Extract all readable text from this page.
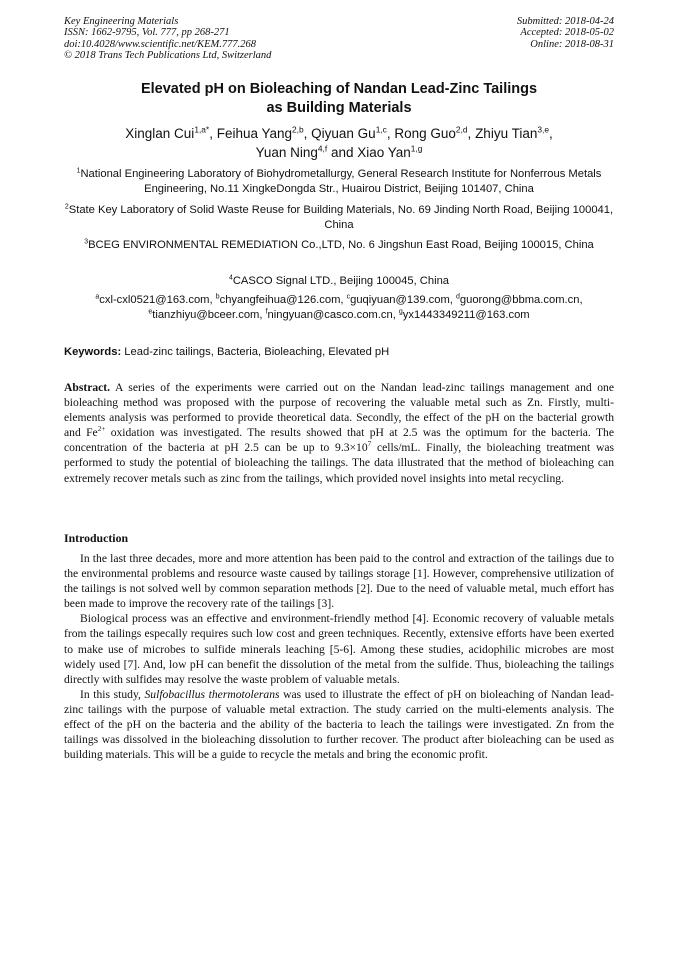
Key Engineering Materials
ISSN: 1662-9795, Vol. 777, pp 268-271
doi:10.4028/www.scientific.net/KEM.777.268
© 2018 Trans Tech Publications Ltd, Switzerland
Submitted: 2018-04-24
Accepted: 2018-05-02
Online: 2018-08-31
Elevated pH on Bioleaching of Nandan Lead-Zinc Tailings
as Building Materials
Xinglan Cui$^{1,a*}$, Feihua Yang$^{2,b}$, Qiyuan Gu$^{1,c}$, Rong Guo$^{2,d}$, Zhiyu Tian$^{3,e}$,
Yuan Ning$^{4,f}$ and Xiao Yan$^{1,g}$
$^1$National Engineering Laboratory of Biohydrometallurgy, General Research Institute for Nonferrous Metals Engineering, No.11 XingkeDongda Str., Huairou District, Beijing 101407, China
$^2$State Key Laboratory of Solid Waste Reuse for Building Materials, No. 69 Jinding North Road, Beijing 100041, China
$^3$BCEG ENVIRONMENTAL REMEDIATION Co.,LTD, No. 6 Jingshun East Road, Beijing 100015, China
$^4$CASCO Signal LTD., Beijing 100045, China
$^a$cxl-cxl0521@163.com, $^b$chyangfeihua@126.com, $^c$guqiyuan@139.com, $^d$guorong@bbma.com.cn,
$^e$tianzhiyu@bceer.com, $^f$ningyuan@casco.com.cn, $^g$yx1443349211@163.com
Keywords: Lead-zinc tailings, Bacteria, Bioleaching, Elevated pH

Abstract. A series of the experiments were carried out on the Nandan lead-zinc tailings management and one bioleaching method was proposed with the purpose of recovering the valuable metal such as Zn. Firstly, multi-elements analysis was performed to provide theoretical data. Secondly, the effect of the pH on the bacterial growth and $Fe^{2+}$ oxidation was investigated. The results showed that pH at 2.5 was the optimum for the bacteria. The concentration of the bacteria at pH 2.5 can be up to $9.3\times 10^7$ cells/mL. Finally, the bioleaching treatment was performed to study the potential of bioleaching the tailings. The data illustrated that the method of bioleaching can extremely recover metals such as zinc from the tailings, which provided novel insights into metal recycling.

Introduction

In the last three decades, more and more attention has been paid to the control and extraction of the tailings due to the environmental problems and resource waste caused by tailings storage [1]. However, comprehensive utilization of the tailings is not solved well by common separation methods [2]. Due to the need of valuable metal, much effort has been made to improve the recovery rate of the tailings [3].

Biological process was an effective and environment-friendly method [4]. Economic recovery of valuable metals from the tailings especally requires such low cost and green techniques. Recently, extensive efforts have been exerted to make use of microbes to sulfide minerals leaching [5-6]. Among these studies, acidophilic microbes are most widely used [7]. And, low pH can benefit the dissolution of the metal from the sulfide. Thus, bioleaching the tailings directly with sulfides may resolve the waste problem of valuable metals.

In this study, Sulfobacillus thermotolerans was used to illustrate the effect of pH on bioleaching of Nandan lead-zinc tailings with the purpose of valuable metal extraction. The study carried on the multi-elements analysis. The effect of the pH on the bacteria and the ability of the bacteria to leach the tailings were investigated. Zn from the tailings was dissolved in the bioleaching dissolution to further recover. The product after bioleaching can be used as building materials. This will be a guide to recycle the metals and bring the economic profit.
